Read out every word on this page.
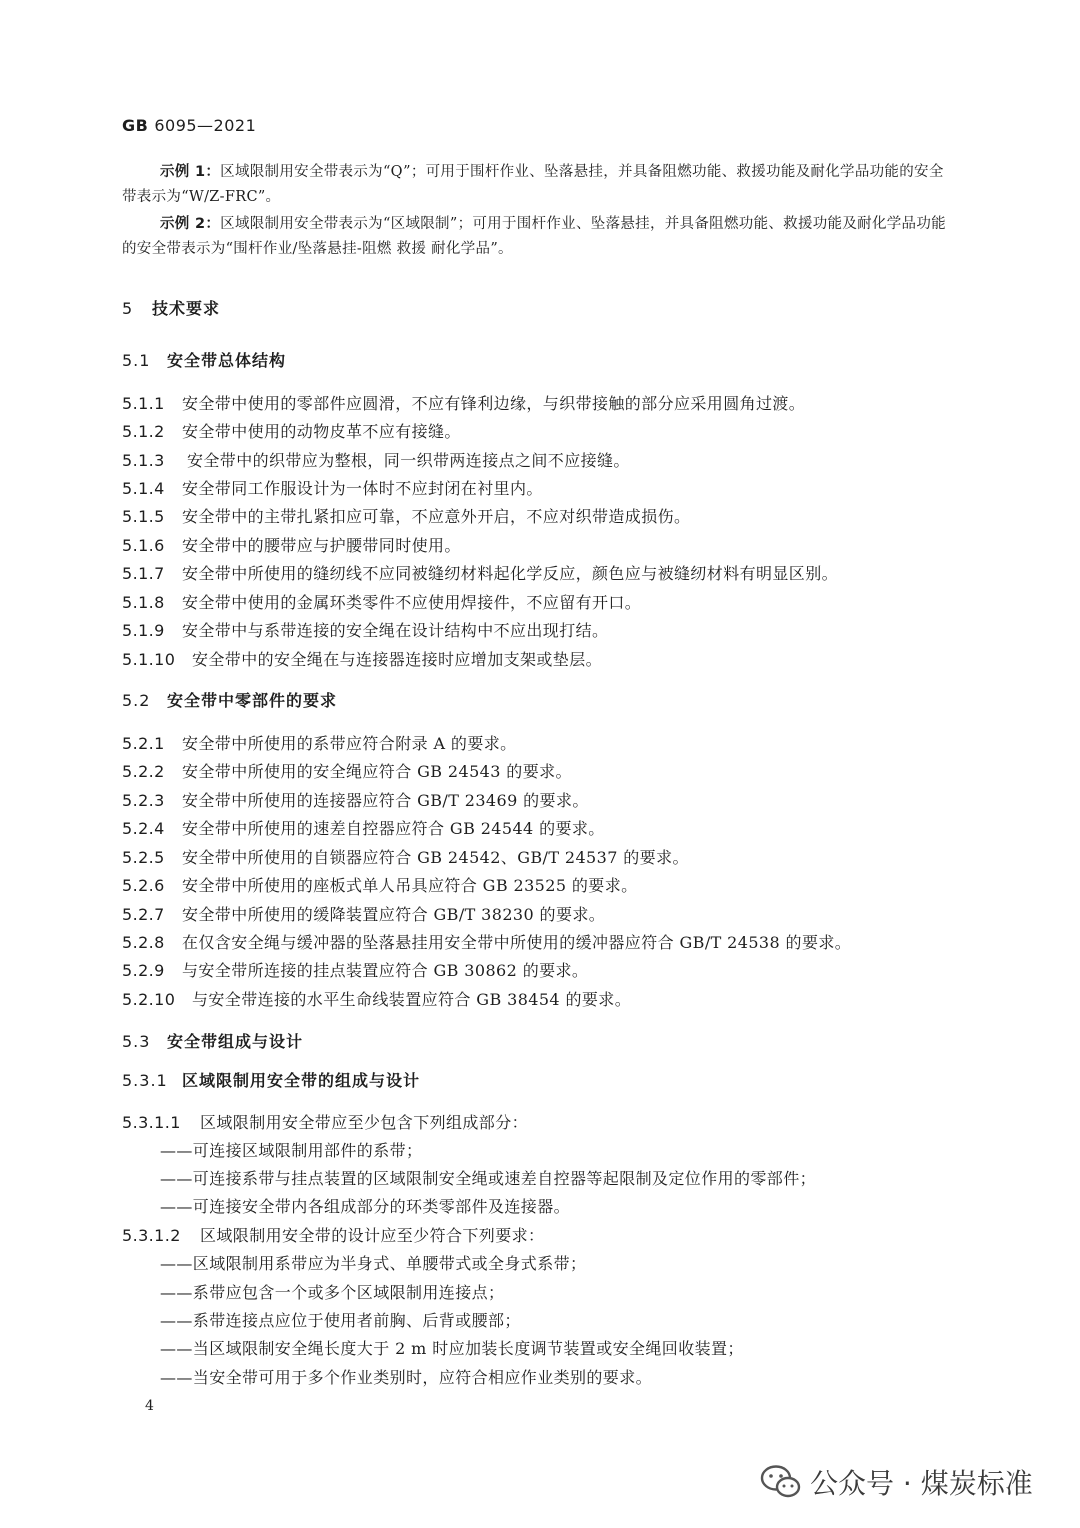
GB 6095—2021
示例 1：区域限制用安全带表示为“Q”；可用于围杆作业、坠落悬挂，并具备阻燃功能、救援功能及耐化学品功能的安全带表示为“W/Z-FRC”。
示例 2：区域限制用安全带表示为“区域限制”；可用于围杆作业、坠落悬挂，并具备阻燃功能、救援功能及耐化学品功能的安全带表示为“围杆作业/坠落悬挂-阻燃 救援 耐化学品”。
5 技术要求
5.1 安全带总体结构
5.1.1 安全带中使用的零部件应圆滑，不应有锋利边缘，与织带接触的部分应采用圆角过渡。
5.1.2 安全带中使用的动物皮革不应有接缝。
5.1.3 安全带中的织带应为整根，同一织带两连接点之间不应接缝。
5.1.4 安全带同工作服设计为一体时不应封闭在衬里内。
5.1.5 安全带中的主带扎紧扣应可靠，不应意外开启，不应对织带造成损伤。
5.1.6 安全带中的腰带应与护腰带同时使用。
5.1.7 安全带中所使用的缝纫线不应同被缝纫材料起化学反应，颜色应与被缝纫材料有明显区别。
5.1.8 安全带中使用的金属环类零件不应使用焊接件，不应留有开口。
5.1.9 安全带中与系带连接的安全绳在设计结构中不应出现打结。
5.1.10 安全带中的安全绳在与连接器连接时应增加支架或垫层。
5.2 安全带中零部件的要求
5.2.1 安全带中所使用的系带应符合附录 A 的要求。
5.2.2 安全带中所使用的安全绳应符合 GB 24543 的要求。
5.2.3 安全带中所使用的连接器应符合 GB/T 23469 的要求。
5.2.4 安全带中所使用的速差自控器应符合 GB 24544 的要求。
5.2.5 安全带中所使用的自锁器应符合 GB 24542、GB/T 24537 的要求。
5.2.6 安全带中所使用的座板式单人吊具应符合 GB 23525 的要求。
5.2.7 安全带中所使用的缓降装置应符合 GB/T 38230 的要求。
5.2.8 在仅含安全绳与缓冲器的坠落悬挂用安全带中所使用的缓冲器应符合 GB/T 24538 的要求。
5.2.9 与安全带所连接的挂点装置应符合 GB 30862 的要求。
5.2.10 与安全带连接的水平生命线装置应符合 GB 38454 的要求。
5.3 安全带组成与设计
5.3.1 区域限制用安全带的组成与设计
5.3.1.1 区域限制用安全带应至少包含下列组成部分：
——可连接区域限制用部件的系带；
——可连接系带与挂点装置的区域限制安全绳或速差自控器等起限制及定位作用的零部件；
——可连接安全带内各组成部分的环类零部件及连接器。
5.3.1.2 区域限制用安全带的设计应至少符合下列要求：
——区域限制用系带应为半身式、单腰带式或全身式系带；
——系带应包含一个或多个区域限制用连接点；
——系带连接点应位于使用者前胸、后背或腰部；
——当区域限制安全绳长度大于 2 m 时应加装长度调节装置或安全绳回收装置；
——当安全带可用于多个作业类别时，应符合相应作业类别的要求。
4
公众号 · 煤炭标准
